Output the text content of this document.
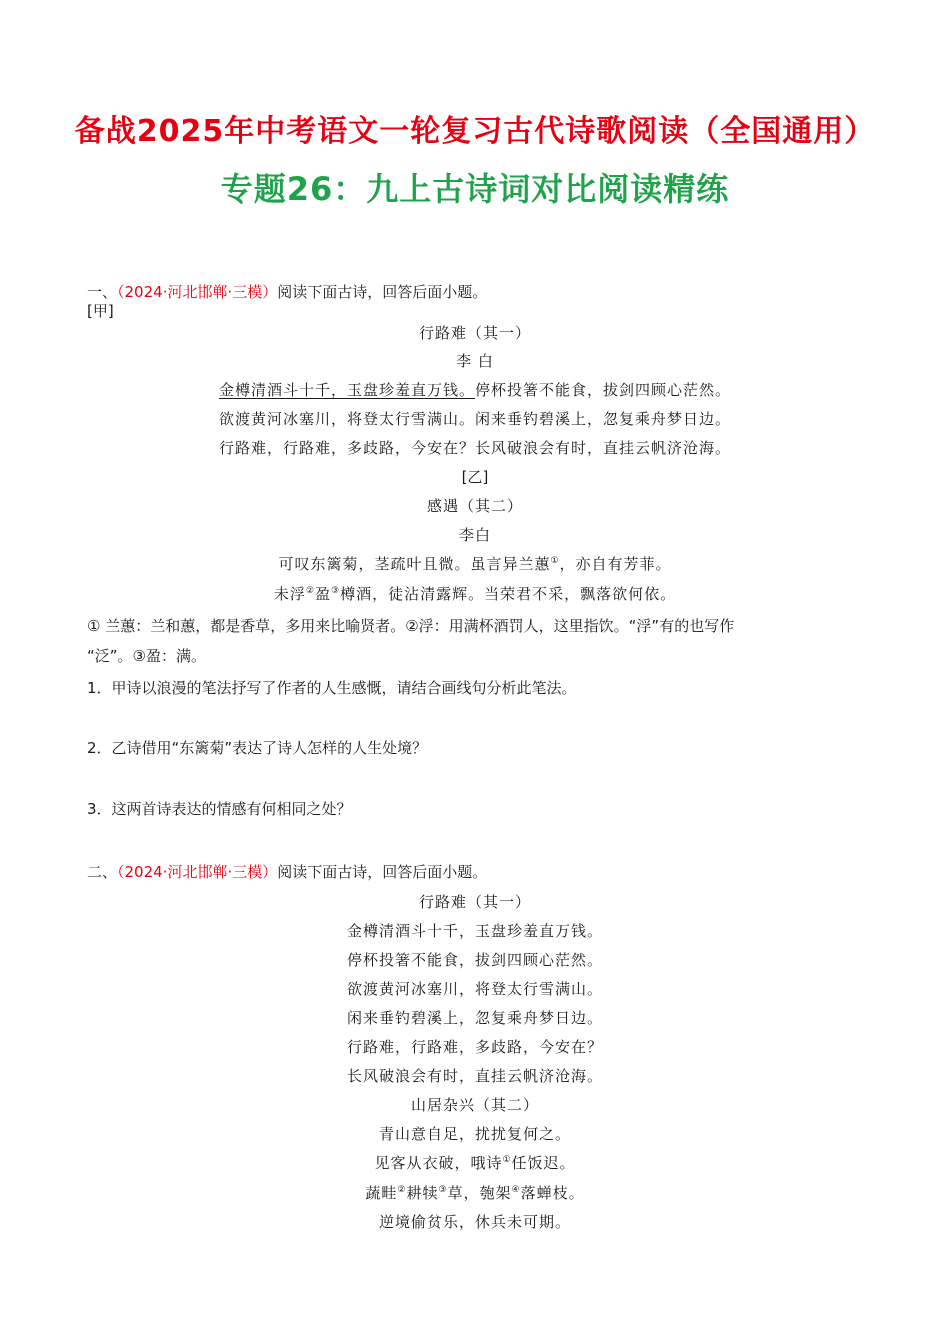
备战2025年中考语文一轮复习古代诗歌阅读（全国通用）
专题26：九上古诗词对比阅读精练
一、（2024·河北邯郸·三模）阅读下面古诗，回答后面小题。
[甲]
行路难（其一）
李 白
金樽清酒斗十千，玉盘珍羞直万钱。停杯投箸不能食，拔剑四顾心茫然。
欲渡黄河冰塞川，将登太行雪满山。闲来垂钓碧溪上，忽复乘舟梦日边。
行路难，行路难，多歧路，今安在？长风破浪会有时，直挂云帆济沧海。
[乙]
感遇（其二）
李白
可叹东篱菊，茎疏叶且微。虽言异兰蕙①，亦自有芳菲。
未浮②盈③樽酒，徒沾清露辉。当荣君不采，飘落欲何依。
① 兰蕙：兰和蕙，都是香草，多用来比喻贤者。②浮：用满杯酒罚人，这里指饮。“浮”有的也写作
“泛”。③盈：满。
1．甲诗以浪漫的笔法抒写了作者的人生感慨，请结合画线句分析此笔法。
2．乙诗借用“东篱菊”表达了诗人怎样的人生处境？
3．这两首诗表达的情感有何相同之处？
二、（2024·河北邯郸·三模）阅读下面古诗，回答后面小题。
行路难（其一）
金樽清酒斗十千，玉盘珍羞直万钱。
停杯投箸不能食，拔剑四顾心茫然。
欲渡黄河冰塞川，将登太行雪满山。
闲来垂钓碧溪上，忽复乘舟梦日边。
行路难，行路难，多歧路，今安在？
长风破浪会有时，直挂云帆济沧海。
山居杂兴（其二）
青山意自足，扰扰复何之。
见客从衣破，哦诗①任饭迟。
蔬畦②耕犊③草，匏架④落蝉枝。
逆境偷贫乐，休兵未可期。
